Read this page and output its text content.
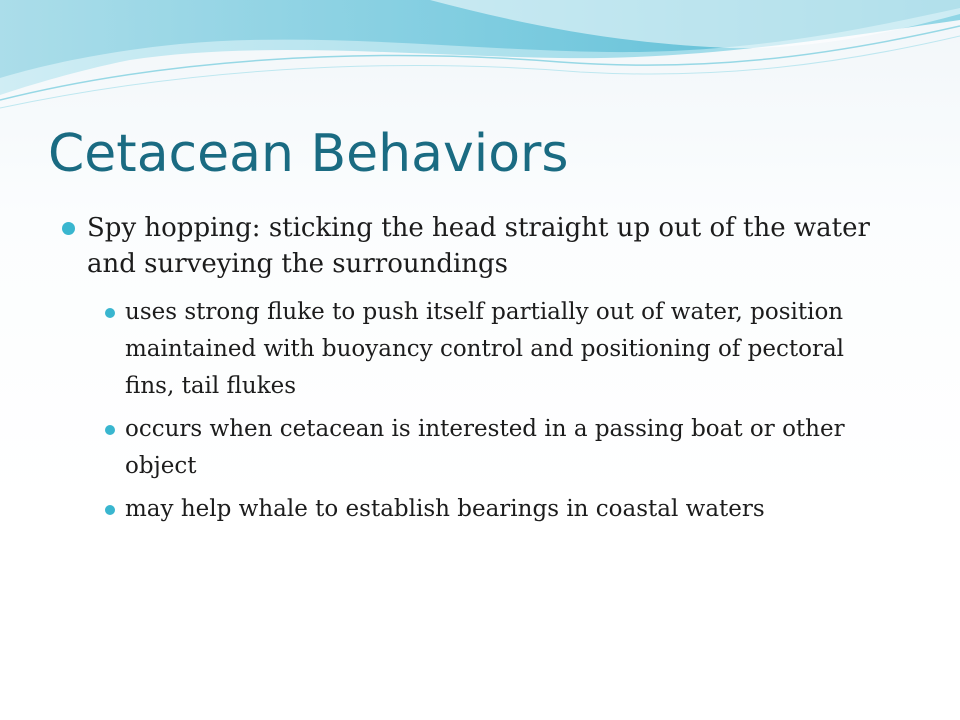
Cetacean Behaviors
Spy hopping: sticking the head straight up out of the water and surveying the surroundings
uses strong fluke to push itself partially out of water, position maintained with buoyancy control and positioning of pectoral fins, tail flukes
occurs when cetacean is interested in a passing boat or other object
may help whale to establish bearings in coastal waters
